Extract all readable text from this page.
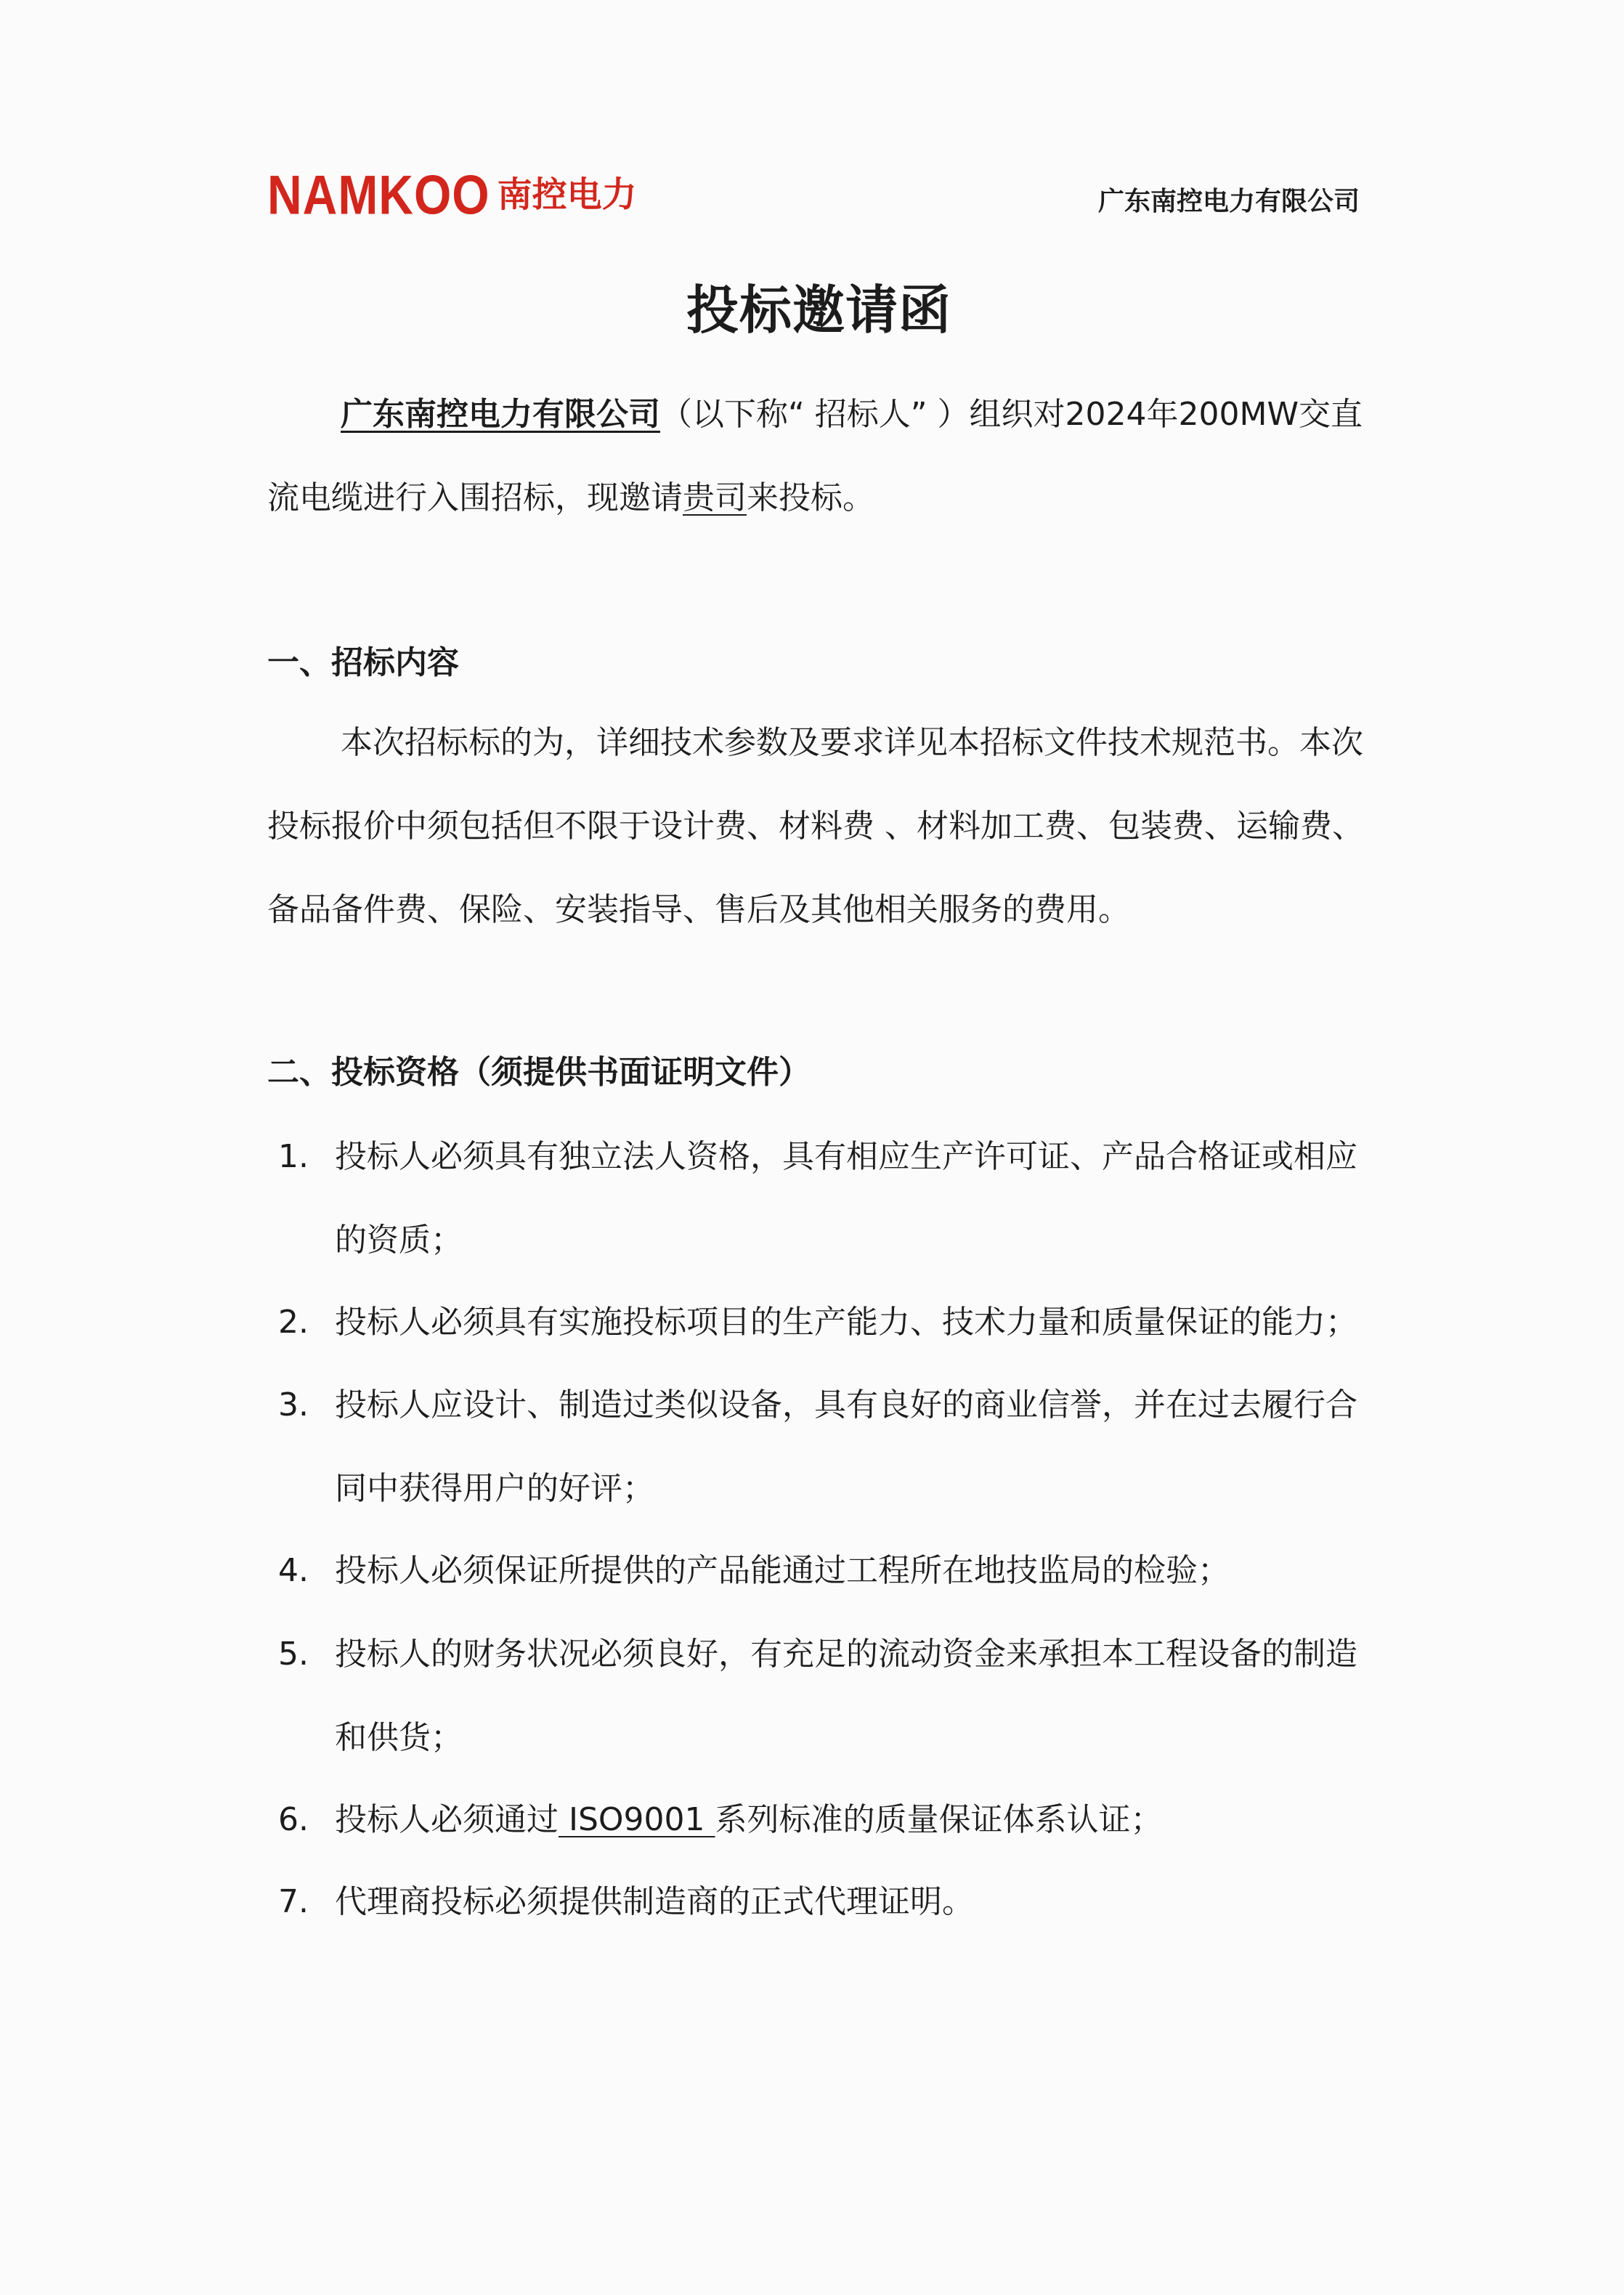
NAMKOO 南控电力	广东南控电力有限公司
投标邀请函
广东南控电力有限公司（以下称“ 招标人” ）组织对2024年200MW交直
流电缆进行入围招标，现邀请贵司来投标。
一、招标内容
本次招标标的为，详细技术参数及要求详见本招标文件技术规范书。本次
投标报价中须包括但不限于设计费、材料费 、材料加工费、包装费、运输费、
备品备件费、保险、安装指导、售后及其他相关服务的费用。
二、投标资格（须提供书面证明文件）
1. 投标人必须具有独立法人资格，具有相应生产许可证、产品合格证或相应
的资质；
2. 投标人必须具有实施投标项目的生产能力、技术力量和质量保证的能力；
3. 投标人应设计、制造过类似设备，具有良好的商业信誉，并在过去履行合
同中获得用户的好评；
4. 投标人必须保证所提供的产品能通过工程所在地技监局的检验；
5. 投标人的财务状况必须良好，有充足的流动资金来承担本工程设备的制造
和供货；
6. 投标人必须通过 ISO9001 系列标准的质量保证体系认证；
7. 代理商投标必须提供制造商的正式代理证明。
